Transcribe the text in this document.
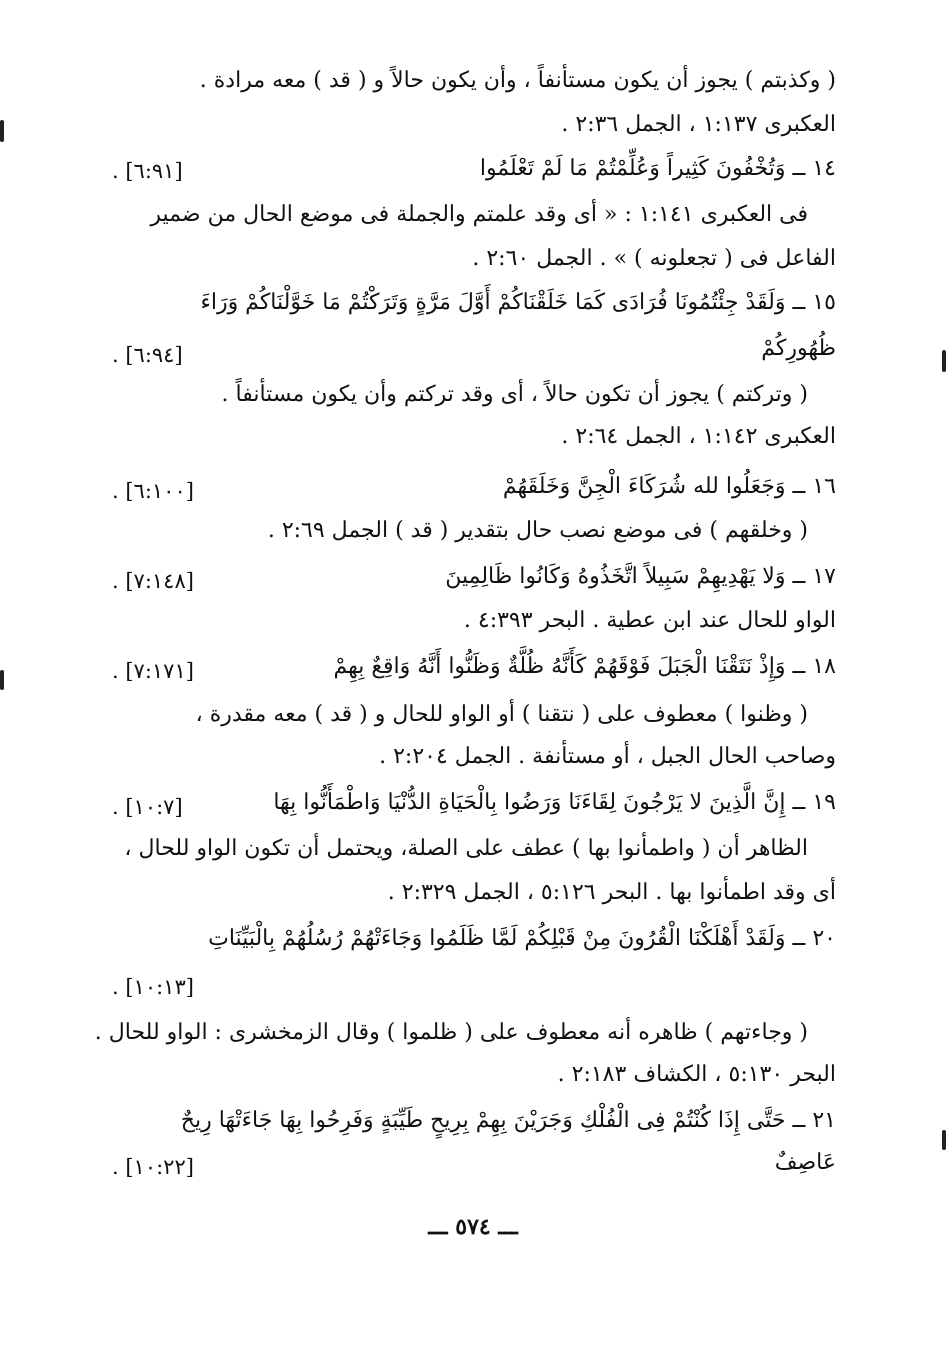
( وكذبتم ) يجوز أن يكون مستأنفاً ، وأن يكون حالاً و ( قد ) معه مرادة .
العكبرى ١:١٣٧ ، الجمل ٢:٣٦ .
١٤ ــ وَتُخْفُونَ كَثِيراً وَعُلِّمْتُمْ مَا لَمْ تَعْلَمُوا
. [٦:٩١]
فى العكبرى ١:١٤١ : « أى وقد علمتم والجملة فى موضع الحال من ضمير
الفاعل فى ( تجعلونه ) » . الجمل ٢:٦٠ .
١٥ ــ وَلَقَدْ جِئْتُمُونَا فُرَادَى كَمَا خَلَقْنَاكُمْ أَوَّلَ مَرَّةٍ وَتَرَكْتُمْ مَا خَوَّلْنَاكُمْ وَرَاءَ
ظُهُورِكُمْ
. [٦:٩٤]
( وتركتم ) يجوز أن تكون حالاً ، أى وقد تركتم وأن يكون مستأنفاً .
العكبرى ١:١٤٢ ، الجمل ٢:٦٤ .
١٦ ــ وَجَعَلُوا لله شُرَكَاءَ الْجِنَّ وَخَلَقَهُمْ
. [٦:١٠٠]
( وخلقهم ) فى موضع نصب حال بتقدير ( قد ) الجمل ٢:٦٩ .
١٧ ــ وَلا يَهْدِيهِمْ سَبِيلاً اتَّخَذُوهُ وَكَانُوا ظَالِمِينَ
. [٧:١٤٨]
الواو للحال عند ابن عطية . البحر ٤:٣٩٣ .
١٨ ــ وَإِذْ نَتَقْنَا الْجَبَلَ فَوْقَهُمْ كَأَنَّهُ ظُلَّةٌ وَظَنُّوا أَنَّهُ وَاقِعٌ بِهِمْ
. [٧:١٧١]
( وظنوا ) معطوف على ( نتقنا ) أو الواو للحال و ( قد ) معه مقدرة ،
وصاحب الحال الجبل ، أو مستأنفة . الجمل ٢:٢٠٤ .
١٩ ــ إِنَّ الَّذِينَ لا يَرْجُونَ لِقَاءَنَا وَرَضُوا بِالْحَيَاةِ الدُّنْيَا وَاطْمَأَنُّوا بِهَا
. [١٠:٧]
الظاهر أن ( واطمأنوا بها ) عطف على الصلة، ويحتمل أن تكون الواو للحال ،
أى وقد اطمأنوا بها . البحر ٥:١٢٦ ، الجمل ٢:٣٢٩ .
٢٠ ــ وَلَقَدْ أَهْلَكْنَا الْقُرُونَ مِنْ قَبْلِكُمْ لَمَّا ظَلَمُوا وَجَاءَتْهُمْ رُسُلُهُمْ بِالْبَيِّنَاتِ
. [١٠:١٣]
( وجاءتهم ) ظاهره أنه معطوف على ( ظلموا ) وقال الزمخشرى : الواو للحال .
البحر ٥:١٣٠ ، الكشاف ٢:١٨٣ .
٢١ ــ حَتَّى إِذَا كُنْتُمْ فِى الْفُلْكِ وَجَرَيْنَ بِهِمْ بِرِيحٍ طَيِّبَةٍ وَفَرِحُوا بِهَا جَاءَتْهَا رِيحٌ
عَاصِفٌ
. [١٠:٢٢]
ـــ ٥٧٤ ـــ
